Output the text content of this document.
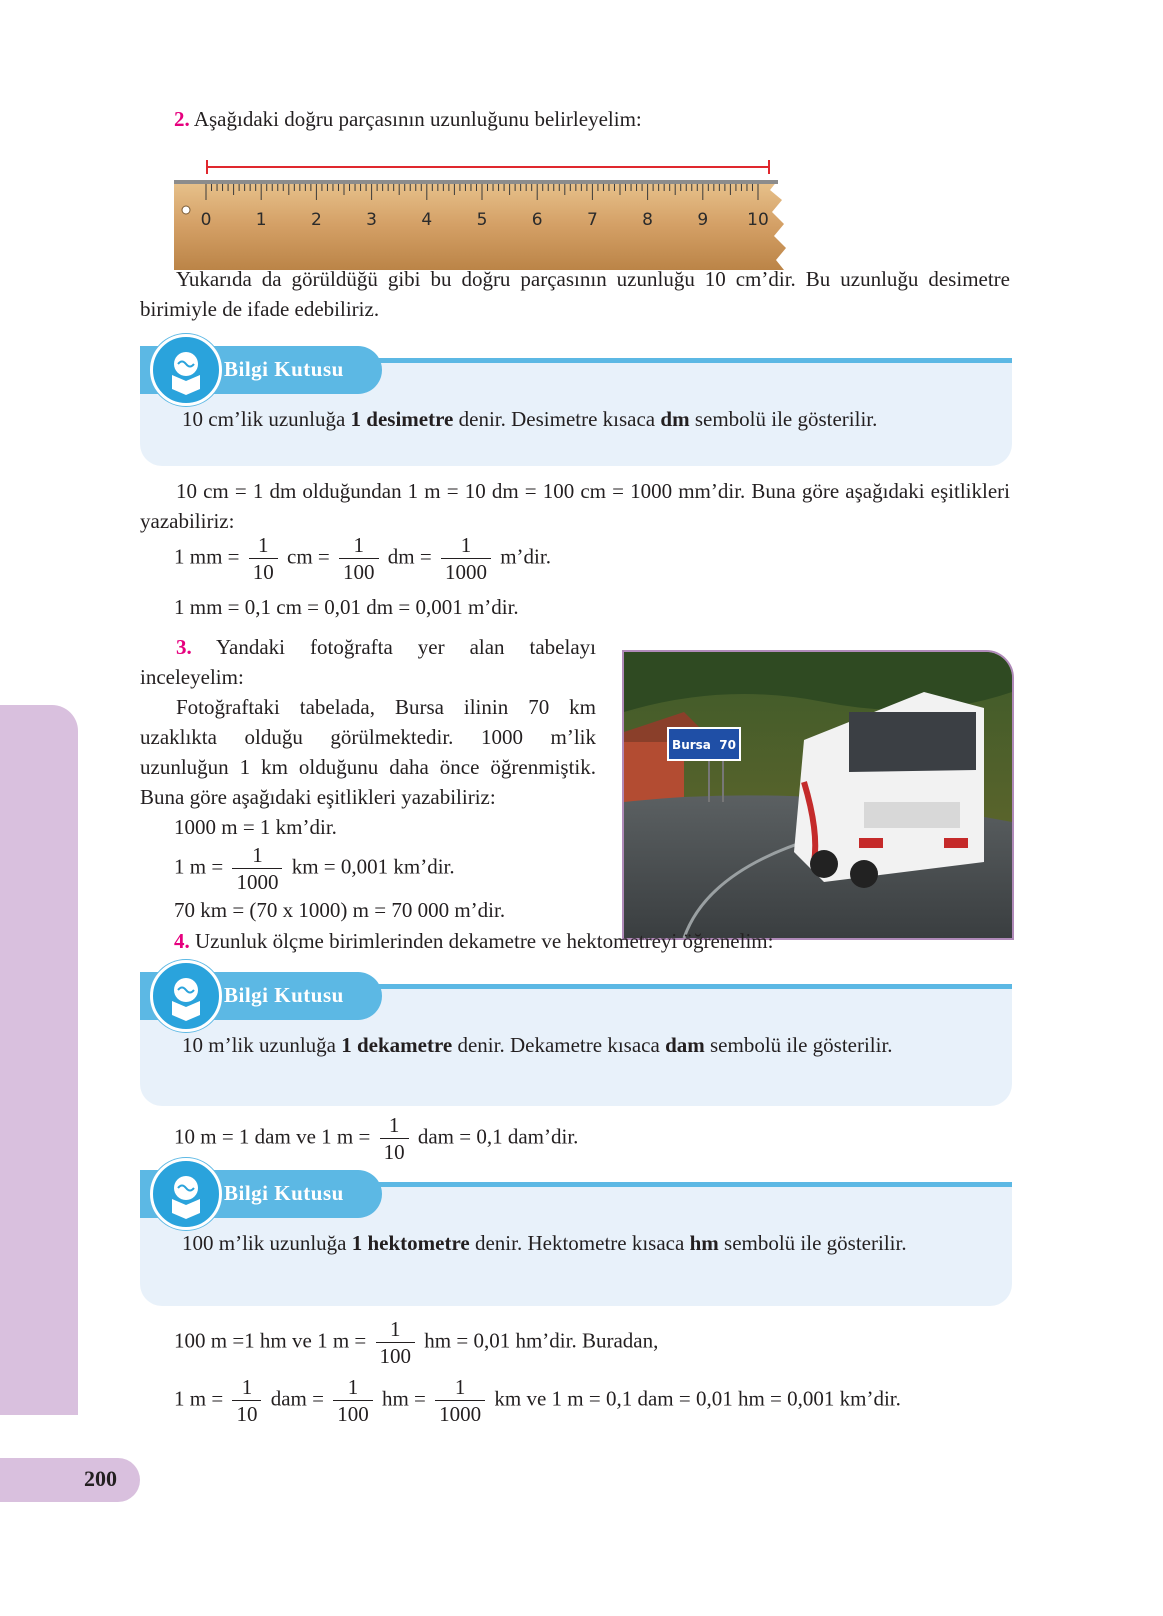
200

2. Aşağıdaki doğru parçasının uzunluğunu belirleyelim:

0	1	2	3	4	5	6	7	8	9 10

Yukarıda da görüldüğü gibi bu doğru parçasının uzunluğu 10 cm’dir. Bu uzunluğu desimetre birimiyle de ifade edebiliriz.

Bilgi Kutusu

10 cm’lik uzunluğa 1 desimetre denir. Desimetre kısaca dm sembolü ile gösterilir.

10 cm = 1 dm olduğundan 1 m = 10 dm = 100 cm = 1000 mm’dir. Buna göre aşağıdaki eşitlikleri yazabiliriz:

1 mm = $\frac{1}{10}$ cm = $\frac{1}{100}$ dm = $\frac{1}{1000}$ m’dir.

1 mm = 0,1 cm = 0,01 dm = 0,001 m’dir.

3. Yandaki fotoğrafta yer alan tabelayı inceleyelim:

Fotoğraftaki tabelada, Bursa ilinin 70 km uzaklıkta olduğu görülmektedir. 1000 m’lik uzunluğun 1 km olduğunu daha önce öğrenmiştik. Buna göre aşağıdaki eşitlikleri yazabiliriz:

1000 m = 1 km’dir.

1 $m = \frac{1}{1000}$ km = 0,001 km’dir.

70 km = (70 x 1000) m = 70 000 m’dir.

Bursa  70

4. Uzunluk ölçme birimlerinden dekametre ve hektometreyi öğrenelim:

Bilgi Kutusu

10 m’lik uzunluğa 1 dekametre denir. Dekametre kısaca dam sembolü ile gösterilir.

10 m = 1 dam ve 1 $m = \frac{1}{10}$ dam = 0,1 dam’dir.
Bilgi Kutusu

100 m’lik uzunluğa 1 hektometre denir. Hektometre kısaca hm sembolü ile gösterilir.

100 m =1 hm ve 1 $m = \frac{1}{100}$ hm = 0,01 hm’dir. Buradan,
1 $m = \frac{1}{10}$ dam = $\frac{1}{100}$ hm = $\frac{1}{1000}$ km ve 1 m = 0,1 dam = 0,01 hm = 0,001 km’dir.
